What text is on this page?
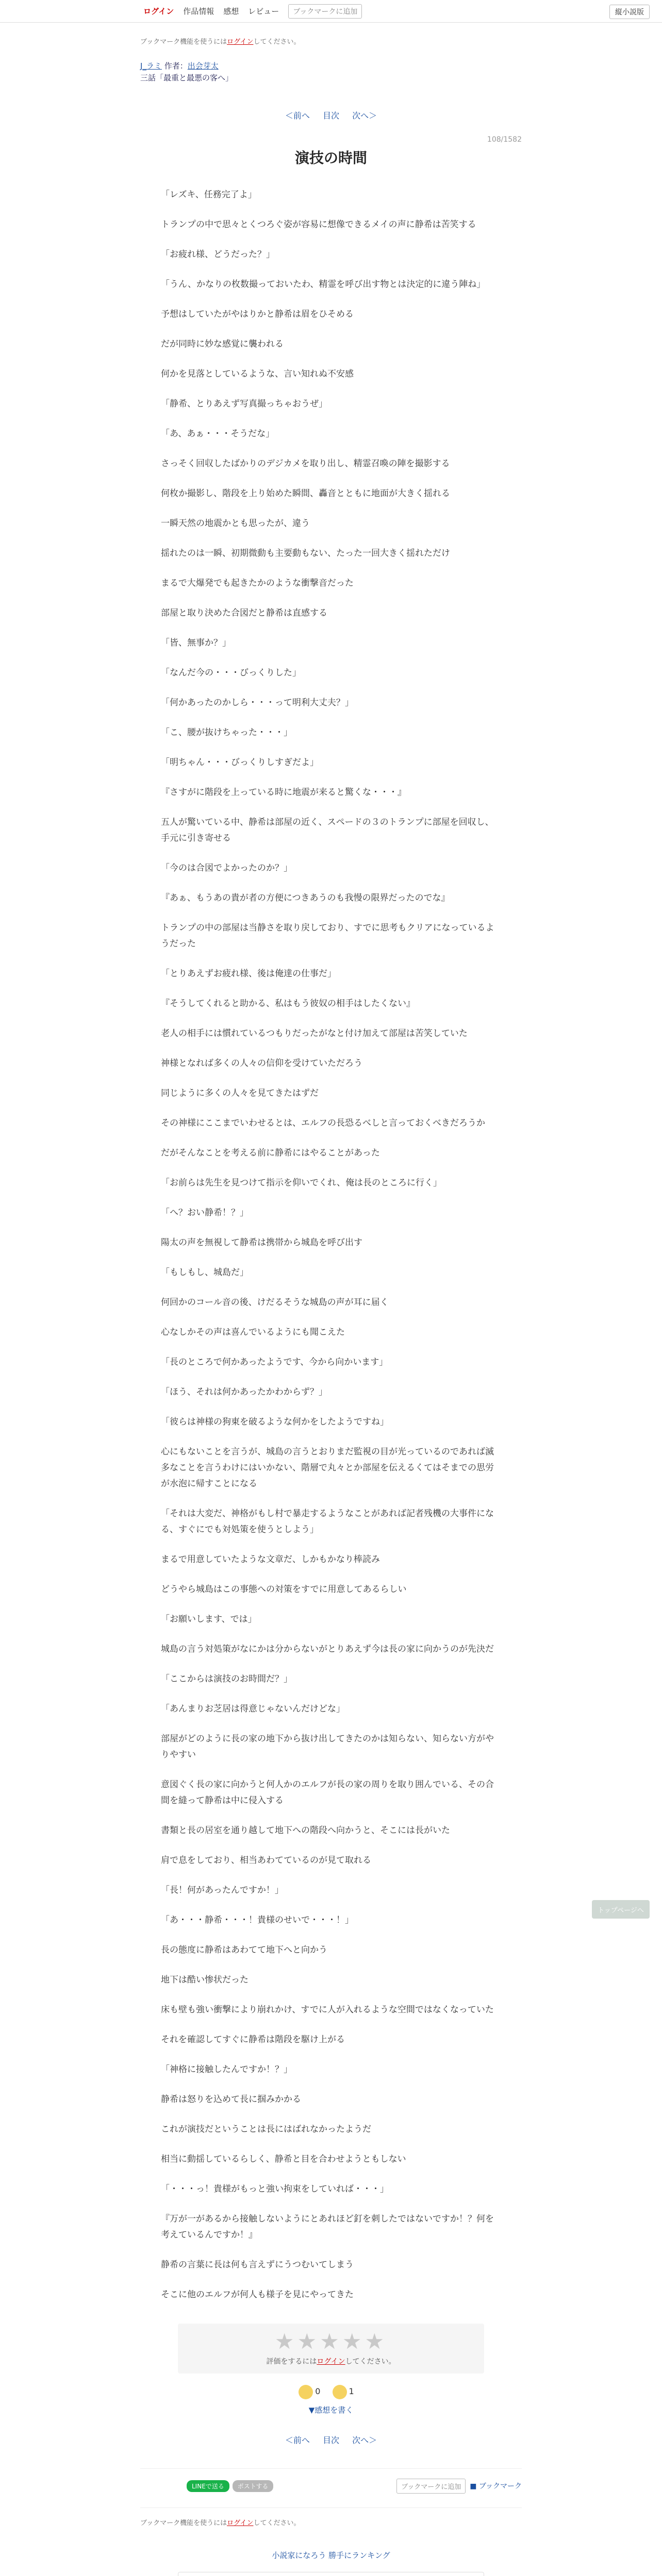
ログイン 作品情報 感想 レビュー	ブックマークに追加	縦小説版
ブックマーク機能を使うにはログインしてください。
J_ラミ 作者：出会芽太
三話「最重と最悪の客へ」
＜前へ 目次 次へ＞
108/1582
演技の時間

「レズキ、任務完了よ」

トランプの中で思々とくつろぐ姿が容易に想像できるメイの声に静希は苦笑する

「お疲れ様、どうだった？」

「うん、かなりの枚数撮っておいたわ、精霊を呼び出す物とは決定的に違う陣ね」

予想はしていたがやはりかと静希は眉をひそめる

だが同時に妙な感覚に襲われる

何かを見落としているような、言い知れぬ不安感

「静希、とりあえず写真撮っちゃおうぜ」

「あ、あぁ・・・そうだな」

さっそく回収したばかりのデジカメを取り出し、精霊召喚の陣を撮影する

何枚か撮影し、階段を上り始めた瞬間、轟音とともに地面が大きく揺れる

一瞬天然の地震かとも思ったが、違う

揺れたのは一瞬、初期微動も主要動もない、たった一回大きく揺れただけ

まるで大爆発でも起きたかのような衝撃音だった

部屋と取り決めた合図だと静希は直感する

「皆、無事か？」

「なんだ今の・・・びっくりした」

「何かあったのかしら・・・って明利大丈夫？」

「こ、腰が抜けちゃった・・・」

「明ちゃん・・・びっくりしすぎだよ」

『さすがに階段を上っている時に地震が来ると驚くな・・・』

五人が驚いている中、静希は部屋の近く、スペードの３のトランプに部屋を回収し、手元に引き寄せる

「今のは合図でよかったのか？」

『あぁ、もうあの貴が者の方便につきあうのも我慢の限界だったのでな』

トランプの中の部屋は当静さを取り戻しており、すでに思考もクリアになっているようだった

「とりあえずお疲れ様、後は俺達の仕事だ」

『そうしてくれると助かる、私はもう彼奴の相手はしたくない』

老人の相手には慣れているつもりだったがなと付け加えて部屋は苦笑していた

神様となれば多くの人々の信仰を受けていただろう

同じように多くの人々を見てきたはずだ

その神様にここまでいわせるとは、エルフの長恐るべしと言っておくべきだろうか

だがそんなことを考える前に静希にはやることがあった

「お前らは先生を見つけて指示を仰いでくれ、俺は長のところに行く」

「へ？おい静希！？」

陽太の声を無視して静希は携帯から城島を呼び出す

「もしもし、城島だ」

何回かのコール音の後、けだるそうな城島の声が耳に届く

心なしかその声は喜んでいるようにも聞こえた

「長のところで何かあったようです、今から向かいます」

「ほう、それは何かあったかわからず？」

「彼らは神様の狗東を破るような何かをしたようですね」

心にもないことを言うが、城島の言うとおりまだ監視の目が光っているのであれば滅多なことを言うわけにはいかない、階層で丸々とか部屋を伝えるくてはそまでの思労が水泡に帰すことになる

「それは大変だ、神格がもし村で暴走するようなことがあれば記者残機の大事件になる、すぐにでも対処策を使うとしよう」

まるで用意していたような文章だ、しかもかなり棒読み

どうやら城島はこの事態への対策をすでに用意してあるらしい

「お願いします、では」

城島の言う対処策がなにかは分からないがとりあえず今は長の家に向かうのが先決だ

「ここからは演技のお時間だ？」

「あんまりお芝居は得意じゃないんだけどな」

部屋がどのように長の家の地下から抜け出してきたのかは知らない、知らない方がやりやすい

意図ぐく長の家に向かうと何人かのエルフが長の家の周りを取り囲んでいる、その合間を縫って静希は中に侵入する

書類と長の居室を通り越して地下への階段へ向かうと、そこには長がいた

肩で息をしており、相当あわてているのが見て取れる

「長！何があったんですか！」

「あ・・・静希・・・！貴様のせいで・・・！」

長の態度に静希はあわてて地下へと向かう

地下は酷い惨状だった

床も壁も強い衝撃により崩れかけ、すでに人が入れるような空間ではなくなっていた

それを確認してすぐに静希は階段を駆け上がる

「神格に接触したんですか！？」

静希は怒りを込めて長に掴みかかる

これが演技だということは長にはばれなかったようだ

相当に動揺しているらしく、静希と目を合わせようともしない

「・・・っ！貴様がもっと強い拘束をしていれば・・・」

『万が一があるから接触しないようにとあれほど釘を刺したではないですか！？何を考えているんですか！』

静希の言葉に長は何も言えずにうつむいてしまう

そこに他のエルフが何人も様子を見にやってきた

★★★★★
評価をするにはログインしてください。
0	1
▼感想を書く
＜前へ 目次 次へ＞
LINEで送る	ポストする	ブックマークに追加	■ ブックマーク
ブックマーク機能を使うにはログインしてください。
小説家になろう 勝手にランキング
トップページへ
